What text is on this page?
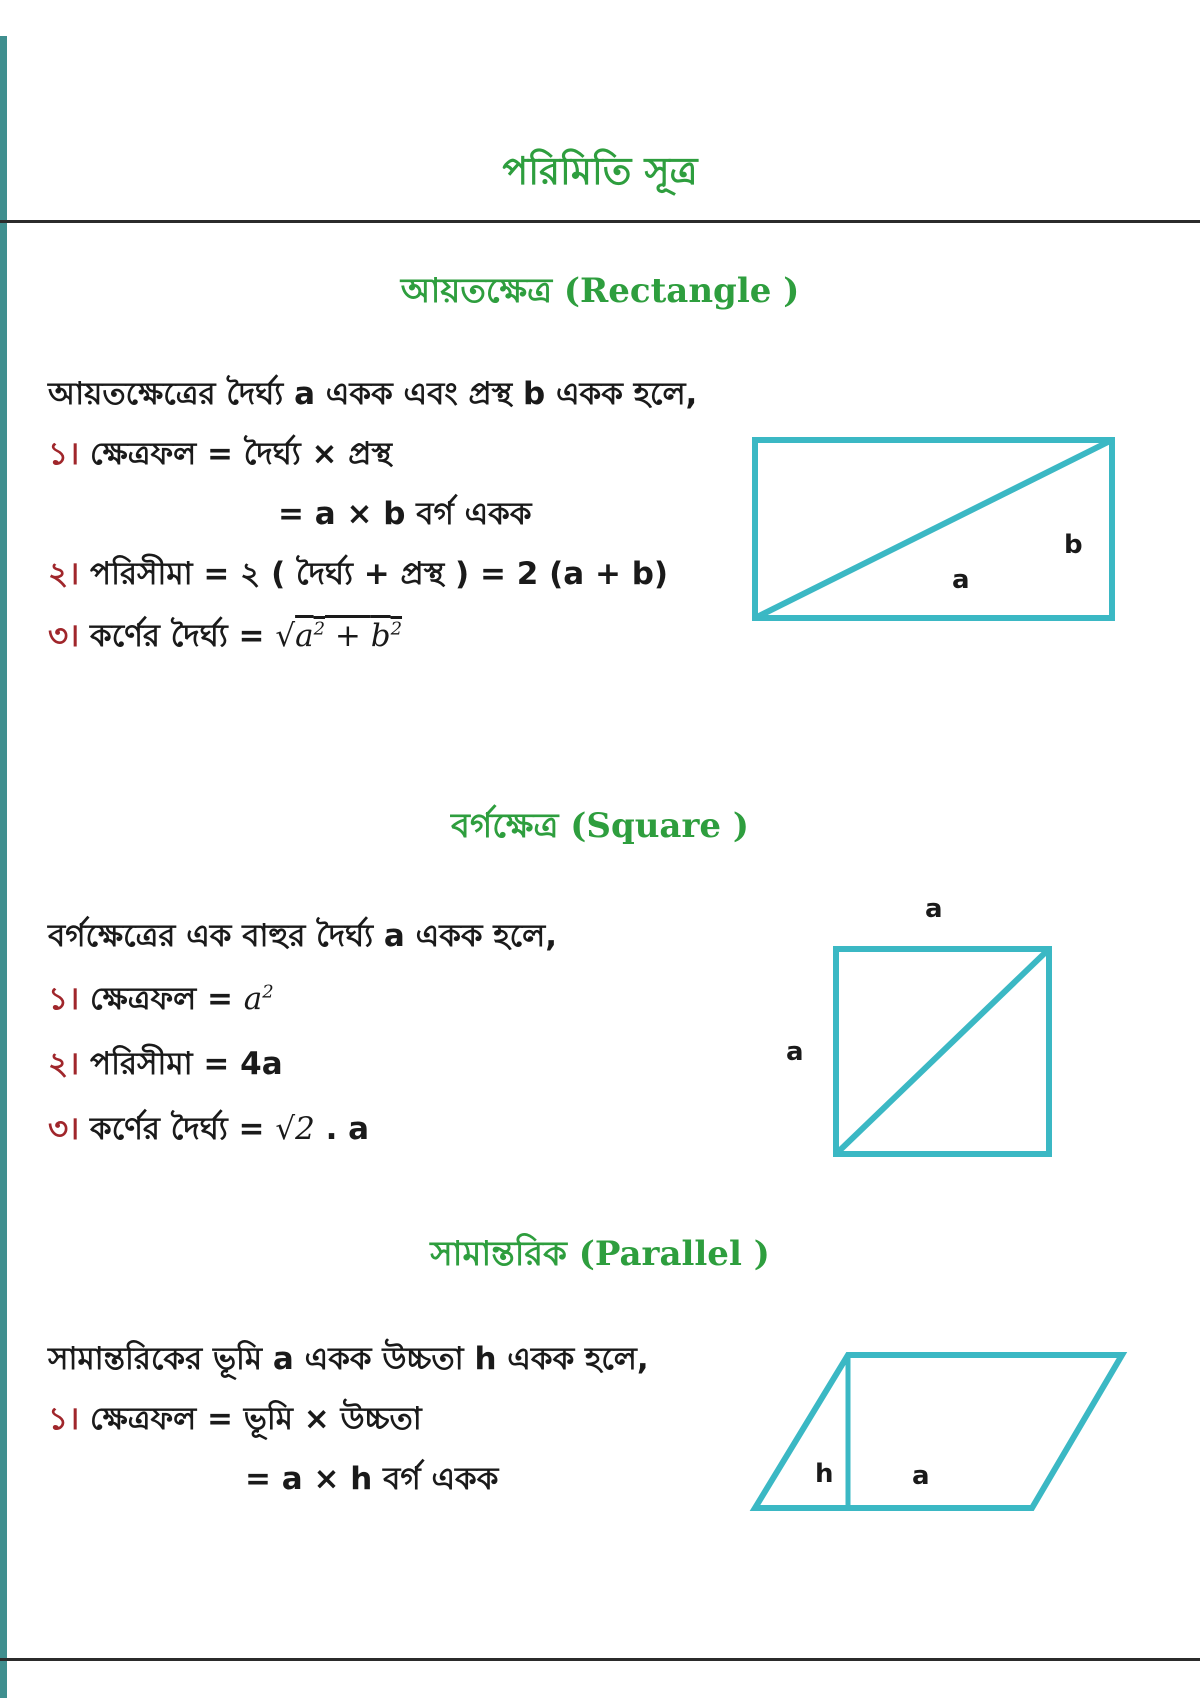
পরিমিতি সূত্র
আয়তক্ষেত্র (Rectangle )
আয়তক্ষেত্রের দৈর্ঘ্য a একক এবং প্রস্থ b একক হলে,
১। ক্ষেত্রফল = দৈর্ঘ্য × প্রস্থ
= a × b বর্গ একক
২। পরিসীমা = ২ ( দৈর্ঘ্য + প্রস্থ ) = 2 (a + b)
৩। কর্ণের দৈর্ঘ্য = $√a^2 + b^2$
a
b
a
a
h	a
বর্গক্ষেত্র (Square )
বর্গক্ষেত্রের এক বাহুর দৈর্ঘ্য a একক হলে,
১। ক্ষেত্রফল = $a^2$
২। পরিসীমা = 4a
৩। কর্ণের দৈর্ঘ্য = √2 . a
সামান্তরিক (Parallel )
সামান্তরিকের ভূমি a একক উচ্চতা h একক হলে,
১। ক্ষেত্রফল = ভূমি × উচ্চতা
= a × h বর্গ একক
